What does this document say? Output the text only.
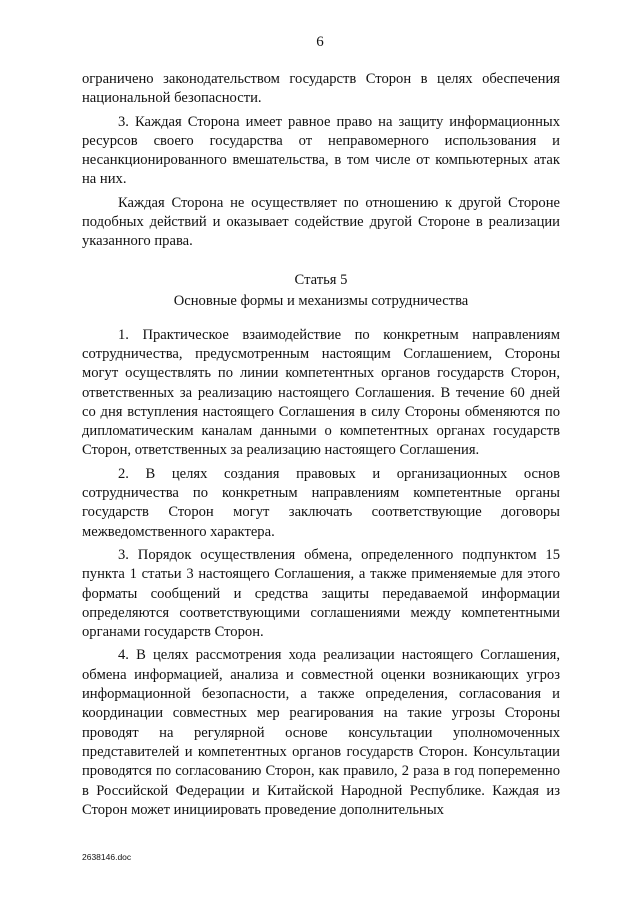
6

ограничено законодательством государств Сторон в целях обеспечения национальной безопасности.

3. Каждая Сторона имеет равное право на защиту информационных ресурсов своего государства от неправомерного использования и несанкционированного вмешательства, в том числе от компьютерных атак на них.

Каждая Сторона не осуществляет по отношению к другой Стороне подобных действий и оказывает содействие другой Стороне в реализации указанного права.

Статья 5
Основные формы и механизмы сотрудничества

1. Практическое взаимодействие по конкретным направлениям сотрудничества, предусмотренным настоящим Соглашением, Стороны могут осуществлять по линии компетентных органов государств Сторон, ответственных за реализацию настоящего Соглашения. В течение 60 дней со дня вступления настоящего Соглашения в силу Стороны обменяются по дипломатическим каналам данными о компетентных органах государств Сторон, ответственных за реализацию настоящего Соглашения.

2. В целях создания правовых и организационных основ сотрудничества по конкретным направлениям компетентные органы государств Сторон могут заключать соответствующие договоры межведомственного характера.

3. Порядок осуществления обмена, определенного подпунктом 15 пункта 1 статьи 3 настоящего Соглашения, а также применяемые для этого форматы сообщений и средства защиты передаваемой информации определяются соответствующими соглашениями между компетентными органами государств Сторон.

4. В целях рассмотрения хода реализации настоящего Соглашения, обмена информацией, анализа и совместной оценки возникающих угроз информационной безопасности, а также определения, согласования и координации совместных мер реагирования на такие угрозы Стороны проводят на регулярной основе консультации уполномоченных представителей и компетентных органов государств Сторон. Консультации проводятся по согласованию Сторон, как правило, 2 раза в год попеременно в Российской Федерации и Китайской Народной Республике. Каждая из Сторон может инициировать проведение дополнительных

2638146.doc
